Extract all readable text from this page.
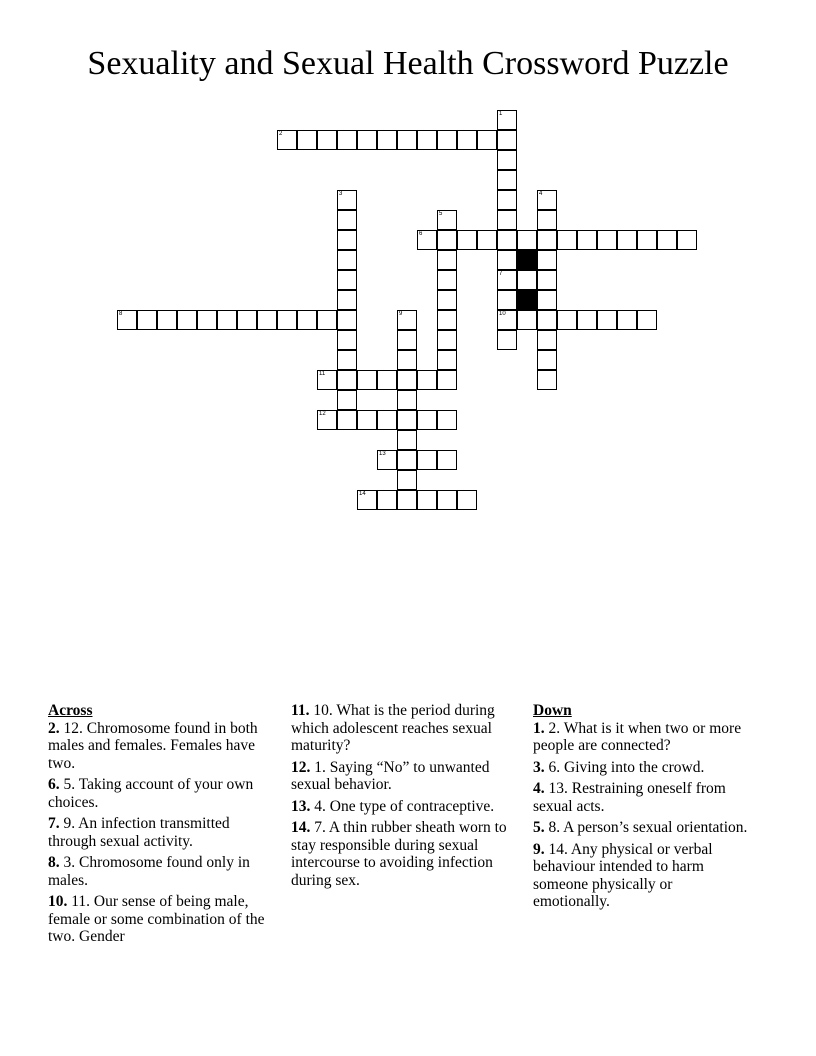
Sexuality and Sexual Health Crossword Puzzle
1
7
10
2
3	4
5
6
8	9
11
12
13
14
Across
2. 12. Chromosome found in both males and females. Females have two.
6. 5. Taking account of your own choices.
7. 9. An infection transmitted through sexual activity.
8. 3. Chromosome found only in males.
10. 11. Our sense of being male, female or some combination of the two. Gender
11. 10. What is the period during which adolescent reaches sexual maturity?
12. 1. Saying “No” to unwanted sexual behavior.
13. 4. One type of contraceptive.
14. 7. A thin rubber sheath worn to stay responsible during sexual intercourse to avoiding infection during sex.
Down
1. 2. What is it when two or more people are connected?
3. 6. Giving into the crowd.
4. 13. Restraining oneself from sexual acts.
5. 8. A person’s sexual orientation.
9. 14. Any physical or verbal behaviour intended to harm someone physically or emotionally.
